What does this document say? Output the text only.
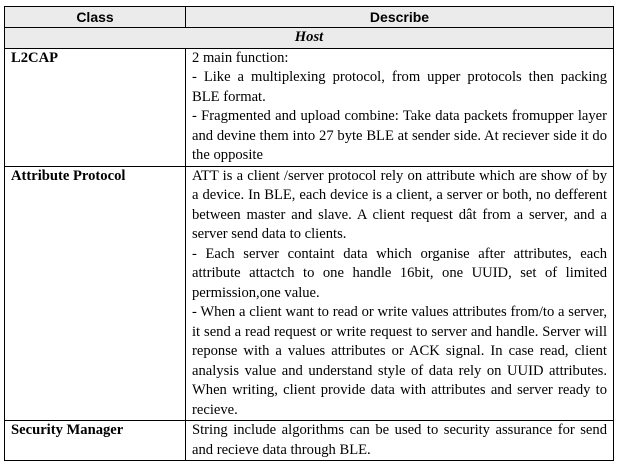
Class	Describe
Host	
L2CAP	2 main function:
- Like a multiplexing protocol, from upper protocols then packing BLE format.
- Fragmented and upload combine: Take data packets fromupper layer and devine them into 27 byte BLE at sender side. At reciever side it do the opposite

Attribute Protocol	ATT is a client /server protocol rely on attribute which are show of by a device. In BLE, each device is a client, a server or both, no defferent between master and slave. A client request dât from a server, and a server send data to clients.
- Each server containt data which organise after attributes, each attribute attactch to one handle 16bit, one UUID, set of limited permission,one value.
- When a client want to read or write values attributes from/to a server, it send a read request or write request to server and handle. Server will reponse with a values attributes or ACK signal. In case read, client analysis value and understand style of data rely on UUID attributes. When writing, client provide data with attributes and server ready to recieve.

Security Manager	String include algorithms can be used to security assurance for send and recieve data through BLE.
